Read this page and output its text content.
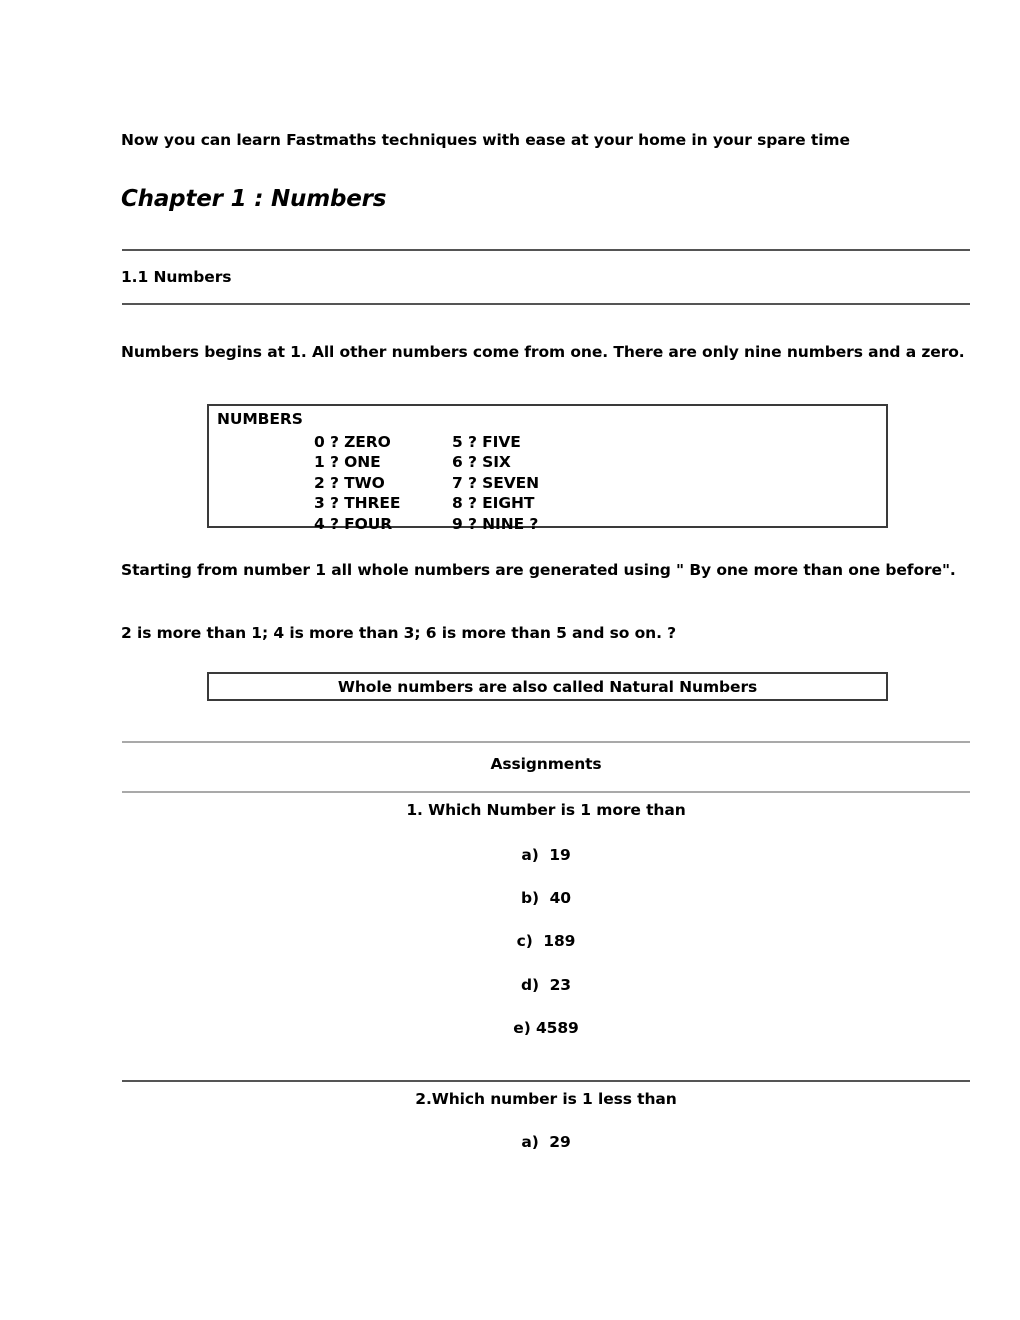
Now you can learn Fastmaths techniques with ease at your home in your spare time
Chapter 1 : Numbers
1.1 Numbers
Numbers begins at 1. All other numbers come from one. There are only nine numbers and a zero.
NUMBERS
0 ? ZERO	5 ? FIVE
1 ? ONE	6 ? SIX
2 ? TWO	7 ? SEVEN
3 ? THREE	8 ? EIGHT
4 ? FOUR	9 ? NINE ?
Starting from number 1 all whole numbers are generated using " By one more than one before".
2 is more than 1; 4 is more than 3; 6 is more than 5 and so on. ?
Whole numbers are also called Natural Numbers
Assignments
1. Which Number is 1 more than
a)  19
b)  40
c)  189
d)  23
e) 4589
2.Which number is 1 less than
a)  29
